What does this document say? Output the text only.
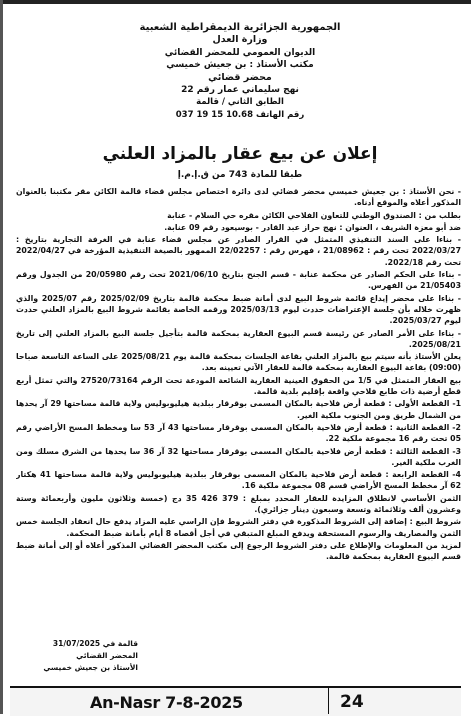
الجمهورية الجزائرية الديمقراطية الشعبية
وزارة العدل
الديوان العمومي للمحضر القضائي
مكتب الأستاذ : بن جعيش خميسي
محضر قضائي
نهج سليماني عمار رقم 22
الطابق الثاني / قالمة
رقم الهاتف 10.68 15 19 037
إعلان عن بيع عقار بالمزاد العلني
طبقا للمادة 743 من ق.إ.م.إ

- نحن الأستاذ : بن جعيش خميسي محضر قضائي لدى دائرة اختصاص مجلس قضاء قالمة الكائن مقر مكتبنا بالعنوان المذكور أعلاه والموقع أدناه.

بطلب من : الصندوق الوطني للتعاون الفلاحي الكائن مقره حي السلام - عنابة

ضد أبو معزة الشريف ، العنوان : نهج حراز عبد القادر - بوسيعود رقم 09 عنابة.

- بناءا على السند التنفيذي المتمثل في القرار الصادر عن مجلس قضاء عنابة في الغرفة التجارية بتاريخ : 2022/03/27 تحت رقم : 21/08962 ، فهرس رقم : 22/02257 الممهور بالصيغة التنفيذية المؤرخة في 2022/04/27 تحت رقم 2022/18.

- بناءا على الحكم الصادر عن محكمة عنابة - قسم الجنح بتاريخ 2021/06/10 تحت رقم 20/05980 من الجدول ورقم 21/05403 من الفهرس.

- بناءا على محضر إيداع قائمة شروط البيع لدى أمانة ضبط محكمة قالمة بتاريخ 2025/02/09 رقم 2025/07 والذي ظهرت خلاله بأن جلسة الإعتراضات حددت ليوم 2025/03/13 ورقمه الخاصة بقائمة شروط البيع بالمزاد العلني حددت ليوم 2025/03/27.

- بناءا على الأمر الصادر عن رئيسة قسم البيوع العقارية بمحكمة قالمة بتأجيل جلسة البيع بالمزاد العلني إلى تاريخ 2025/08/21.

يعلن الأستاذ بأنه سيتم بيع بالمزاد العلني بقاعة الجلسات بمحكمة قالمة يوم 2025/08/21 على الساعة التاسعة صباحا (09:00) بقاعة البيوع العقارية بمحكمة قالمة للعقار الآتي تعيينه بعد.

بيع العقار المتمثل في 1/5 من الحقوق العينية العقارية الشائعة المودعة تحت الرقم 27520/73164 والتي تمثل أربع قطع أرضية ذات طابع فلاحي واقعة بإقليم بلدية قالمة.

1- القطعة الأولى : قطعة أرض فلاحية بالمكان المسمى بوقرقار ببلدية هيليوبوليس ولاية قالمة مساحتها 29 آر يحدها من الشمال طريق ومن الجنوب ملكية الغير.

2- القطعة الثانية : قطعة أرض فلاحية بالمكان المسمى بوقرقار مساحتها 43 آر 53 سا ومخطط المسح الأراضي رقم 05 تحت رقم 16 مجموعة ملكية 22.

3- القطعة الثالثة : قطعة أرض فلاحية بالمكان المسمى بوقرقار مساحتها 32 آر 36 سا يحدها من الشرق مسلك ومن الغرب ملكية الغير.

4- القطعة الرابعة : قطعة أرض فلاحية بالمكان المسمى بوقرقار ببلدية هيليوبوليس ولاية قالمة مساحتها 41 هكتار 62 آر مخطط المسح الأراضي قسم 08 مجموعة ملكية 16.

الثمن الأساسي لانطلاق المزايدة للعقار المحدد بمبلغ : 379 426 35 دج (خمسة وثلاثون مليون وأربعمائة وستة وعشرون ألف وثلاثمائة وتسعة وسبعون دينار جزائري).

شروط البيع : إضافة إلى الشروط المذكورة في دفتر الشروط فإن الراسي عليه المزاد يدفع حال انعقاد الجلسة خمس الثمن والمصاريف والرسوم المستحقة ويدفع المبلغ المتبقي في أجل أقصاه 8 أيام بأمانة ضبط المحكمة.

لمزيد من المعلومات والإطلاع على دفتر الشروط الرجوع إلى مكتب المحضر القضائي المذكور أعلاه أو إلى أمانة ضبط قسم البيوع العقارية بمحكمة قالمة.

قالمة في 31/07/2025
المحضر القضائي
الأستاذ بن جعيش خميسي
An-Nasr 7-8-2025	24
